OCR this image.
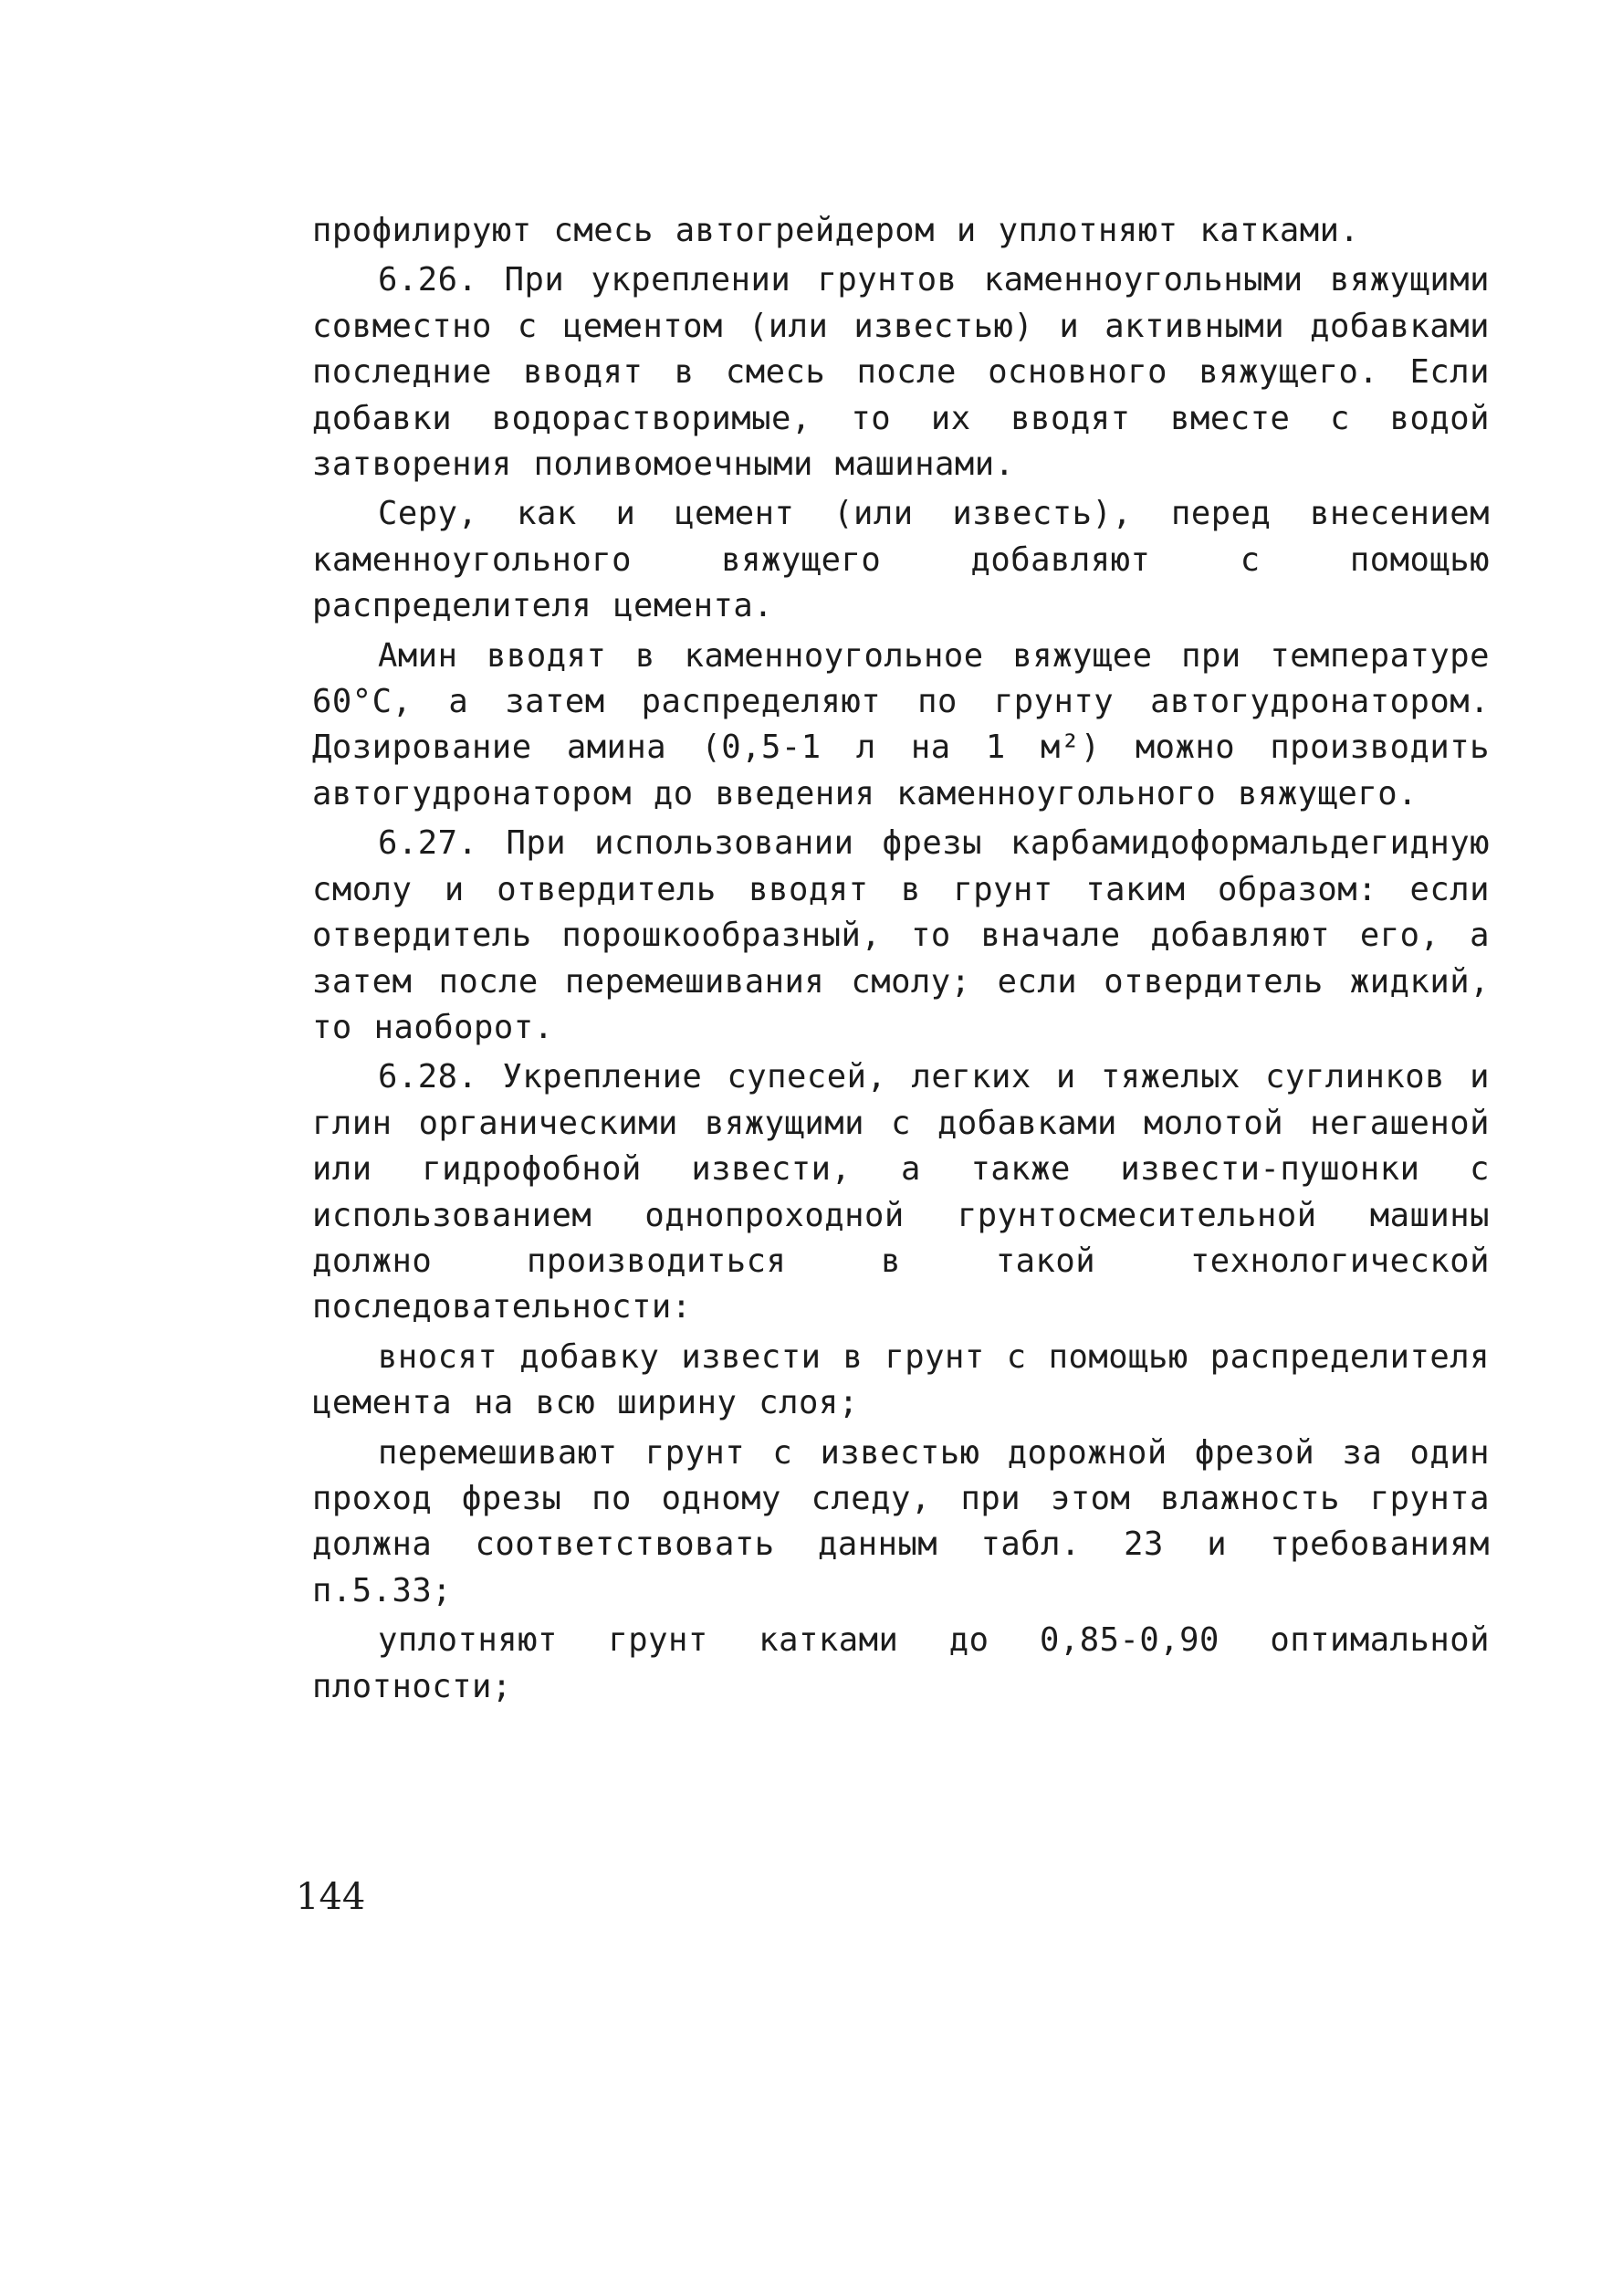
профилируют смесь автогрейдером и уплотняют катками.

6.26. При укреплении грунтов каменноугольными вяжущими совместно с цементом (или известью) и активными добавками последние вводят в смесь после основного вяжущего. Если добавки водорастворимые, то их вводят вместе с водой затворения поливомоечными машинами.

Серу, как и цемент (или известь), перед внесением каменноугольного вяжущего добавляют с помощью распределителя цемента.

Амин вводят в каменноугольное вяжущее при температуре 60°С, а затем распределяют по грунту автогудронатором. Дозирование амина (0,5-1 л на 1 м²) можно производить автогудронатором до введения каменноугольного вяжущего.

6.27. При использовании фрезы карбамидоформальдегидную смолу и отвердитель вводят в грунт таким образом: если отвердитель порошкообразный, то вначале добавляют его, а затем после перемешивания смолу; если отвердитель жидкий, то наоборот.

6.28. Укрепление супесей, легких и тяжелых суглинков и глин органическими вяжущими с добавками молотой негашеной или гидрофобной извести, а также извести-пушонки с использованием однопроходной грунтосмесительной машины должно производиться в такой технологической последовательности:

вносят добавку извести в грунт с помощью распределителя цемента на всю ширину слоя;

перемешивают грунт с известью дорожной фрезой за один проход фрезы по одному следу, при этом влажность грунта должна соответствовать данным табл. 23 и требованиям п.5.33;

уплотняют грунт катками до 0,85-0,90 оптимальной плотности;

144
